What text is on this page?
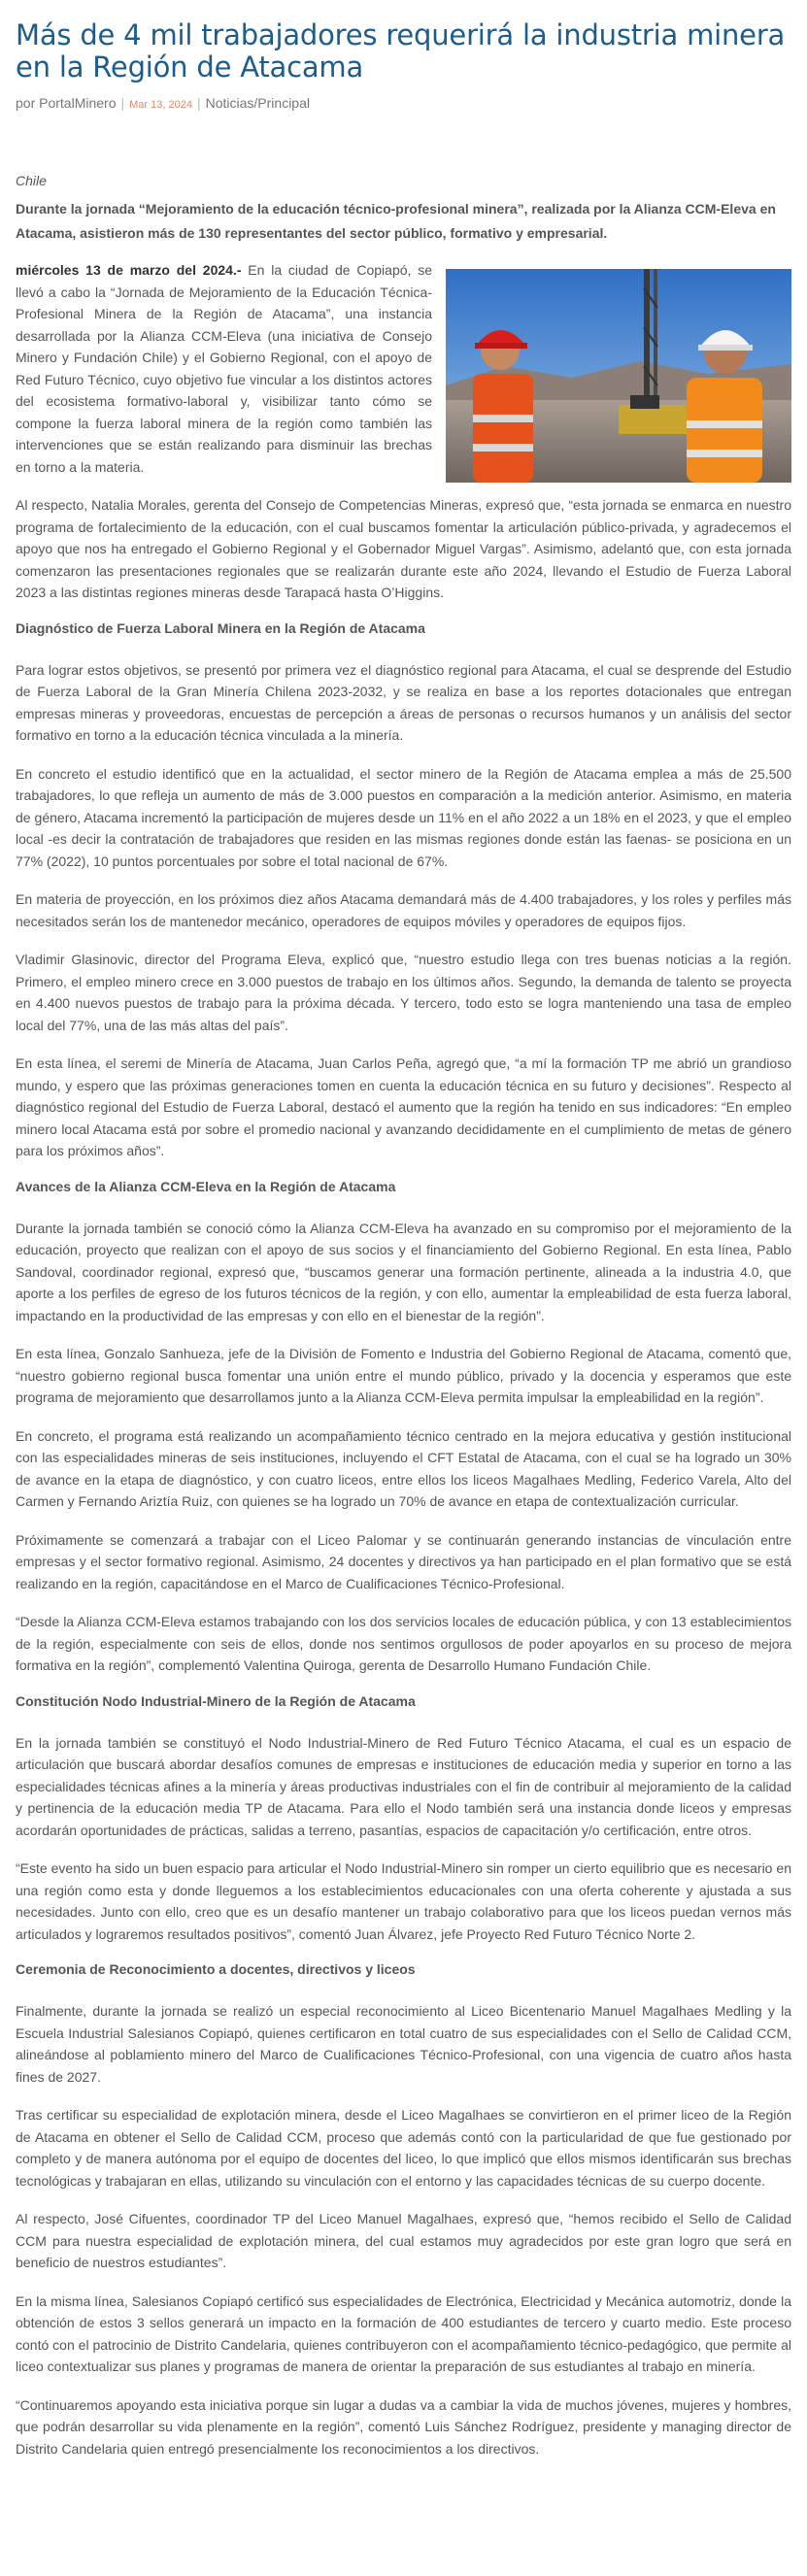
Más de 4 mil trabajadores requerirá la industria minera en la Región de Atacama
por PortalMinero | Mar 13, 2024 | Noticias/Principal
Chile
Durante la jornada “Mejoramiento de la educación técnico-profesional minera”, realizada por la Alianza CCM-Eleva en Atacama, asistieron más de 130 representantes del sector público, formativo y empresarial.

miércoles 13 de marzo del 2024.- En la ciudad de Copiapó, se llevó a cabo la “Jornada de Mejoramiento de la Educación Técnica-Profesional Minera de la Región de Atacama”, una instancia desarrollada por la Alianza CCM-Eleva (una iniciativa de Consejo Minero y Fundación Chile) y el Gobierno Regional, con el apoyo de Red Futuro Técnico, cuyo objetivo fue vincular a los distintos actores del ecosistema formativo-laboral y, visibilizar tanto cómo se compone la fuerza laboral minera de la región como también las intervenciones que se están realizando para disminuir las brechas en torno a la materia.

Al respecto, Natalia Morales, gerenta del Consejo de Competencias Mineras, expresó que, “esta jornada se enmarca en nuestro programa de fortalecimiento de la educación, con el cual buscamos fomentar la articulación público-privada, y agradecemos el apoyo que nos ha entregado el Gobierno Regional y el Gobernador Miguel Vargas”. Asimismo, adelantó que, con esta jornada comenzaron las presentaciones regionales que se realizarán durante este año 2024, llevando el Estudio de Fuerza Laboral 2023 a las distintas regiones mineras desde Tarapacá hasta O’Higgins.

Diagnóstico de Fuerza Laboral Minera en la Región de Atacama

Para lograr estos objetivos, se presentó por primera vez el diagnóstico regional para Atacama, el cual se desprende del Estudio de Fuerza Laboral de la Gran Minería Chilena 2023-2032, y se realiza en base a los reportes dotacionales que entregan empresas mineras y proveedoras, encuestas de percepción a áreas de personas o recursos humanos y un análisis del sector formativo en torno a la educación técnica vinculada a la minería.

En concreto el estudio identificó que en la actualidad, el sector minero de la Región de Atacama emplea a más de 25.500 trabajadores, lo que refleja un aumento de más de 3.000 puestos en comparación a la medición anterior. Asimismo, en materia de género, Atacama incrementó la participación de mujeres desde un 11% en el año 2022 a un 18% en el 2023, y que el empleo local -es decir la contratación de trabajadores que residen en las mismas regiones donde están las faenas- se posiciona en un 77% (2022), 10 puntos porcentuales por sobre el total nacional de 67%.

En materia de proyección, en los próximos diez años Atacama demandará más de 4.400 trabajadores, y los roles y perfiles más necesitados serán los de mantenedor mecánico, operadores de equipos móviles y operadores de equipos fijos.

Vladimir Glasinovic, director del Programa Eleva, explicó que, “nuestro estudio llega con tres buenas noticias a la región. Primero, el empleo minero crece en 3.000 puestos de trabajo en los últimos años. Segundo, la demanda de talento se proyecta en 4.400 nuevos puestos de trabajo para la próxima década. Y tercero, todo esto se logra manteniendo una tasa de empleo local del 77%, una de las más altas del país”.

En esta línea, el seremi de Minería de Atacama, Juan Carlos Peña, agregó que, “a mí la formación TP me abrió un grandioso mundo, y espero que las próximas generaciones tomen en cuenta la educación técnica en su futuro y decisiones”. Respecto al diagnóstico regional del Estudio de Fuerza Laboral, destacó el aumento que la región ha tenido en sus indicadores: “En empleo minero local Atacama está por sobre el promedio nacional y avanzando decididamente en el cumplimiento de metas de género para los próximos años”.

Avances de la Alianza CCM-Eleva en la Región de Atacama

Durante la jornada también se conoció cómo la Alianza CCM-Eleva ha avanzado en su compromiso por el mejoramiento de la educación, proyecto que realizan con el apoyo de sus socios y el financiamiento del Gobierno Regional. En esta línea, Pablo Sandoval, coordinador regional, expresó que, “buscamos generar una formación pertinente, alineada a la industria 4.0, que aporte a los perfiles de egreso de los futuros técnicos de la región, y con ello, aumentar la empleabilidad de esta fuerza laboral, impactando en la productividad de las empresas y con ello en el bienestar de la región”.

En esta línea, Gonzalo Sanhueza, jefe de la División de Fomento e Industria del Gobierno Regional de Atacama, comentó que, “nuestro gobierno regional busca fomentar una unión entre el mundo público, privado y la docencia y esperamos que este programa de mejoramiento que desarrollamos junto a la Alianza CCM-Eleva permita impulsar la empleabilidad en la región”.

En concreto, el programa está realizando un acompañamiento técnico centrado en la mejora educativa y gestión institucional con las especialidades mineras de seis instituciones, incluyendo el CFT Estatal de Atacama, con el cual se ha logrado un 30% de avance en la etapa de diagnóstico, y con cuatro liceos, entre ellos los liceos Magalhaes Medling, Federico Varela, Alto del Carmen y Fernando Ariztía Ruiz, con quienes se ha logrado un 70% de avance en etapa de contextualización curricular.

Próximamente se comenzará a trabajar con el Liceo Palomar y se continuarán generando instancias de vinculación entre empresas y el sector formativo regional. Asimismo, 24 docentes y directivos ya han participado en el plan formativo que se está realizando en la región, capacitándose en el Marco de Cualificaciones Técnico-Profesional.

“Desde la Alianza CCM-Eleva estamos trabajando con los dos servicios locales de educación pública, y con 13 establecimientos de la región, especialmente con seis de ellos, donde nos sentimos orgullosos de poder apoyarlos en su proceso de mejora formativa en la región”, complementó Valentina Quiroga, gerenta de Desarrollo Humano Fundación Chile.

Constitución Nodo Industrial-Minero de la Región de Atacama

En la jornada también se constituyó el Nodo Industrial-Minero de Red Futuro Técnico Atacama, el cual es un espacio de articulación que buscará abordar desafíos comunes de empresas e instituciones de educación media y superior en torno a las especialidades técnicas afines a la minería y áreas productivas industriales con el fin de contribuir al mejoramiento de la calidad y pertinencia de la educación media TP de Atacama. Para ello el Nodo también será una instancia donde liceos y empresas acordarán oportunidades de prácticas, salidas a terreno, pasantías, espacios de capacitación y/o certificación, entre otros.

“Este evento ha sido un buen espacio para articular el Nodo Industrial-Minero sin romper un cierto equilibrio que es necesario en una región como esta y donde lleguemos a los establecimientos educacionales con una oferta coherente y ajustada a sus necesidades. Junto con ello, creo que es un desafío mantener un trabajo colaborativo para que los liceos puedan vernos más articulados y lograremos resultados positivos”, comentó Juan Álvarez, jefe Proyecto Red Futuro Técnico Norte 2.

Ceremonia de Reconocimiento a docentes, directivos y liceos

Finalmente, durante la jornada se realizó un especial reconocimiento al Liceo Bicentenario Manuel Magalhaes Medling y la Escuela Industrial Salesianos Copiapó, quienes certificaron en total cuatro de sus especialidades con el Sello de Calidad CCM, alineándose al poblamiento minero del Marco de Cualificaciones Técnico-Profesional, con una vigencia de cuatro años hasta fines de 2027.

Tras certificar su especialidad de explotación minera, desde el Liceo Magalhaes se convirtieron en el primer liceo de la Región de Atacama en obtener el Sello de Calidad CCM, proceso que además contó con la particularidad de que fue gestionado por completo y de manera autónoma por el equipo de docentes del liceo, lo que implicó que ellos mismos identificarán sus brechas tecnológicas y trabajaran en ellas, utilizando su vinculación con el entorno y las capacidades técnicas de su cuerpo docente.

Al respecto, José Cifuentes, coordinador TP del Liceo Manuel Magalhaes, expresó que, “hemos recibido el Sello de Calidad CCM para nuestra especialidad de explotación minera, del cual estamos muy agradecidos por este gran logro que será en beneficio de nuestros estudiantes”.

En la misma línea, Salesianos Copiapó certificó sus especialidades de Electrónica, Electricidad y Mecánica automotriz, donde la obtención de estos 3 sellos generará un impacto en la formación de 400 estudiantes de tercero y cuarto medio. Este proceso contó con el patrocinio de Distrito Candelaria, quienes contribuyeron con el acompañamiento técnico-pedagógico, que permite al liceo contextualizar sus planes y programas de manera de orientar la preparación de sus estudiantes al trabajo en minería.

“Continuaremos apoyando esta iniciativa porque sin lugar a dudas va a cambiar la vida de muchos jóvenes, mujeres y hombres, que podrán desarrollar su vida plenamente en la región”, comentó Luis Sánchez Rodríguez, presidente y managing director de Distrito Candelaria quien entregó presencialmente los reconocimientos a los directivos.
